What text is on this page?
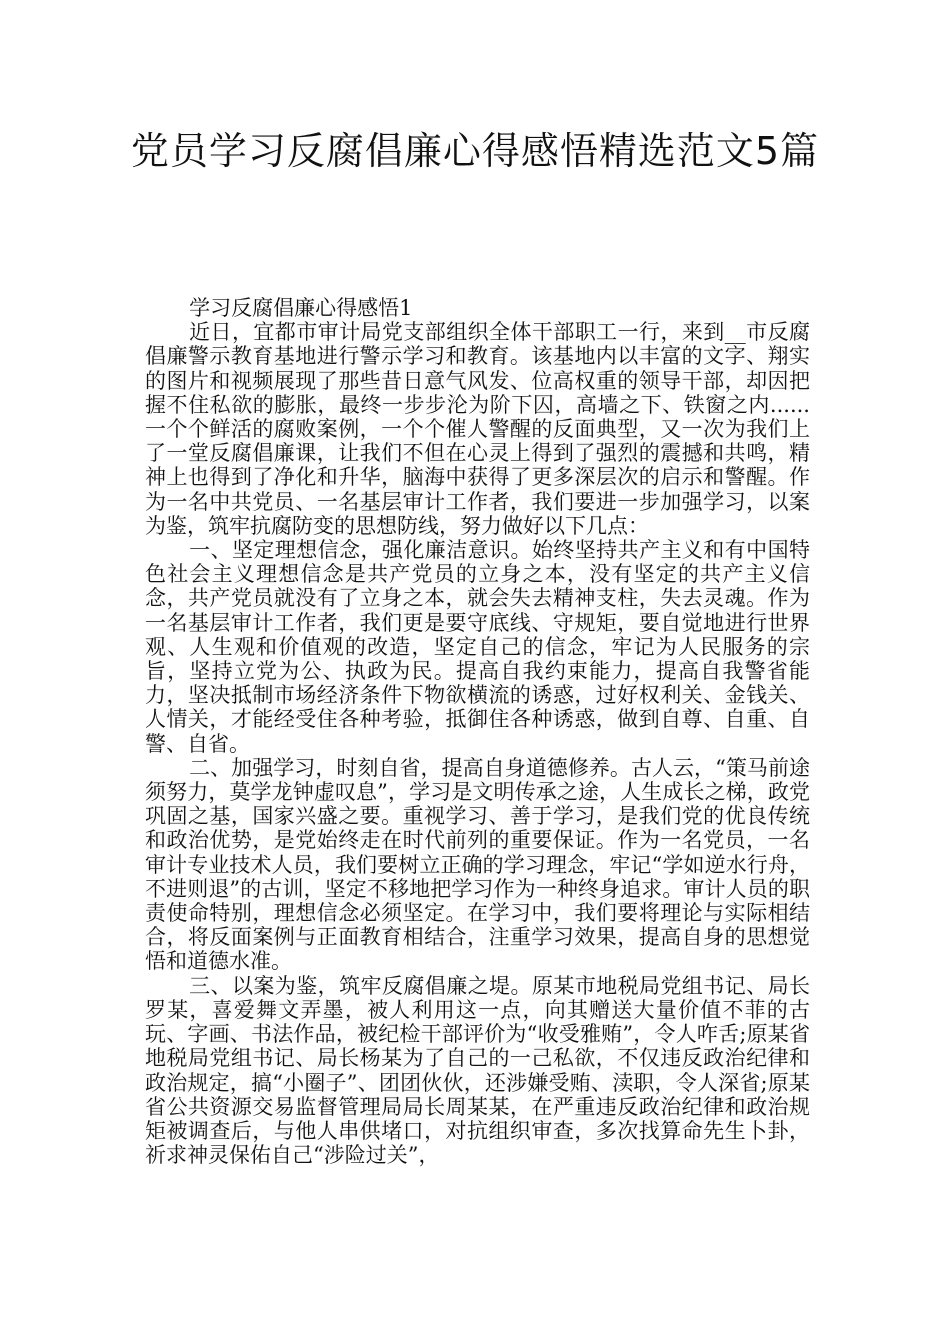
党员学习反腐倡廉心得感悟精选范文5篇

学习反腐倡廉心得感悟1

近日，宜都市审计局党支部组织全体干部职工一行，来到__市反腐倡廉警示教育基地进行警示学习和教育。该基地内以丰富的文字、翔实的图片和视频展现了那些昔日意气风发、位高权重的领导干部，却因把握不住私欲的膨胀，最终一步步沦为阶下囚，高墙之下、铁窗之内......一个个鲜活的腐败案例，一个个催人警醒的反面典型，又一次为我们上了一堂反腐倡廉课，让我们不但在心灵上得到了强烈的震撼和共鸣，精神上也得到了净化和升华，脑海中获得了更多深层次的启示和警醒。作为一名中共党员、一名基层审计工作者，我们要进一步加强学习，以案为鉴，筑牢抗腐防变的思想防线，努力做好以下几点：

一、坚定理想信念，强化廉洁意识。始终坚持共产主义和有中国特色社会主义理想信念是共产党员的立身之本，没有坚定的共产主义信念，共产党员就没有了立身之本，就会失去精神支柱，失去灵魂。作为一名基层审计工作者，我们更是要守底线、守规矩，要自觉地进行世界观、人生观和价值观的改造，坚定自己的信念，牢记为人民服务的宗旨，坚持立党为公、执政为民。提高自我约束能力，提高自我警省能力，坚决抵制市场经济条件下物欲横流的诱惑，过好权利关、金钱关、人情关，才能经受住各种考验，抵御住各种诱惑，做到自尊、自重、自警、自省。

二、加强学习，时刻自省，提高自身道德修养。古人云，“策马前途须努力，莫学龙钟虚叹息”，学习是文明传承之途，人生成长之梯，政党巩固之基，国家兴盛之要。重视学习、善于学习，是我们党的优良传统和政治优势，是党始终走在时代前列的重要保证。作为一名党员，一名审计专业技术人员，我们要树立正确的学习理念，牢记“学如逆水行舟，不进则退”的古训，坚定不移地把学习作为一种终身追求。审计人员的职责使命特别，理想信念必须坚定。在学习中，我们要将理论与实际相结合，将反面案例与正面教育相结合，注重学习效果，提高自身的思想觉悟和道德水准。

三、以案为鉴，筑牢反腐倡廉之堤。原某市地税局党组书记、局长罗某，喜爱舞文弄墨，被人利用这一点，向其赠送大量价值不菲的古玩、字画、书法作品，被纪检干部评价为“收受雅贿”，令人咋舌;原某省地税局党组书记、局长杨某为了自己的一己私欲，不仅违反政治纪律和政治规定，搞“小圈子”、团团伙伙，还涉嫌受贿、渎职，令人深省;原某省公共资源交易监督管理局局长周某某，在严重违反政治纪律和政治规矩被调查后，与他人串供堵口，对抗组织审查，多次找算命先生卜卦，祈求神灵保佑自己“涉险过关”，
